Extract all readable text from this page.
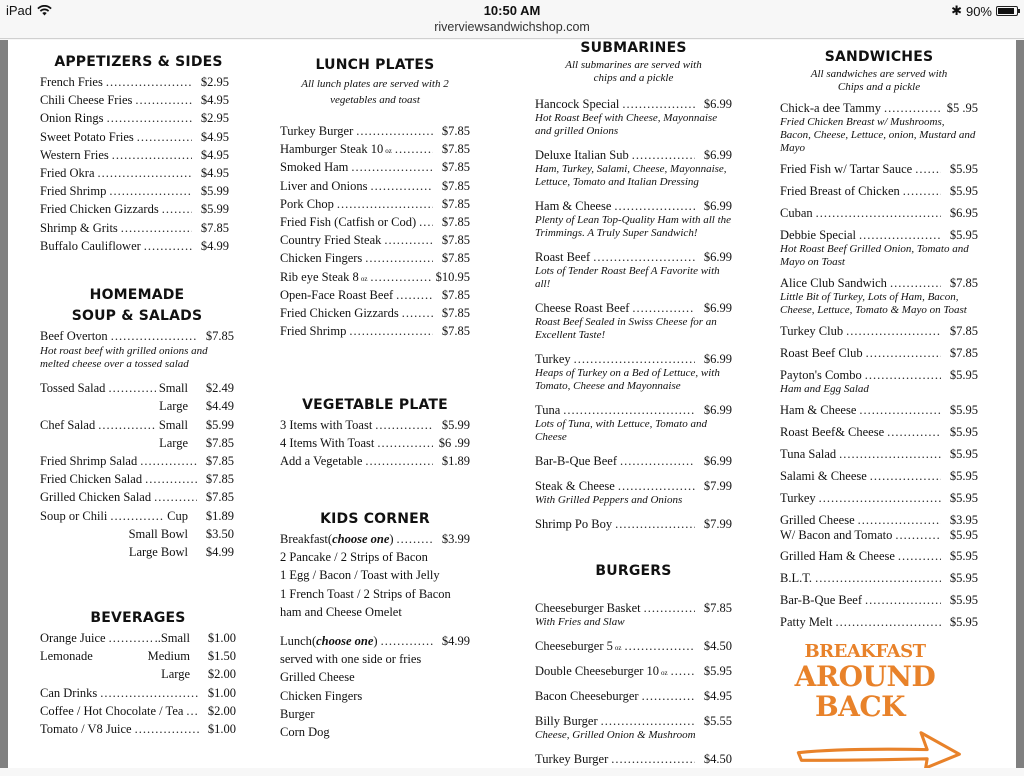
iPad	10:50 AM
riverviewsandwichshop.com
✱ 90%
APPETIZERS & SIDES
French Fries .....	$2.95
Chili Cheese Fries .....	$4.95
Onion Rings .....	$2.95
Sweet Potato Fries .....	$4.95
Western Fries .....	$4.95
Fried Okra .....	$4.95
Fried Shrimp .....	$5.99
Fried Chicken Gizzards .....	$5.99
Shrimp & Grits .....	$7.85
Buffalo Cauliflower .....	$4.99
HOMEMADE
SOUP & SALADS
Beef Overton .....	$7.85
Hot roast beef with grilled onions and melted cheese over a tossed salad
Tossed Salad .....	Small	$2.49
Large	$4.49
Chef Salad .....	Small	$5.99
Large	$7.85
Fried Shrimp Salad .....	$7.85
Fried Chicken Salad .....	$7.85
Grilled Chicken Salad .....	$7.85
Soup or Chili .....	Cup	$1.89
Small Bowl	$3.50
Large Bowl	$4.99
BEVERAGES
Orange Juice .....	..Small	$1.00
Lemonade	Medium	$1.50
Large	$2.00
Can Drinks .....	$1.00
Coffee / Hot Chocolate / Tea .....	$2.00
Tomato / V8 Juice .....	$1.00
LUNCH PLATES
All lunch plates are served with 2 vegetables and toast
Turkey Burger .....	$7.85
Hamburger Steak 10 oz .....	$7.85
Smoked Ham .....	$7.85
Liver and Onions .....	$7.85
Pork Chop .....	$7.85
Fried Fish (Catfish or Cod) .....	$7.85
Country Fried Steak .....	$7.85
Chicken Fingers .....	$7.85
Rib eye Steak 8 oz .....	$10.95
Open-Face Roast Beef .....	$7.85
Fried Chicken Gizzards .....	$7.85
Fried Shrimp .....	$7.85
VEGETABLE PLATE
3 Items with Toast .....	$5.99
4 Items With Toast .....	$6 .99
Add a Vegetable .....	$1.89
KIDS CORNER
Breakfast ( choose one ) .....	$3.99
2 Pancake / 2 Strips of Bacon
1 Egg / Bacon / Toast with Jelly
1 French Toast / 2 Strips of Bacon
ham and Cheese Omelet
Lunch ( choose one ) .....	$4.99
served with one side or fries
Grilled Cheese
Chicken Fingers
Burger
Corn Dog
SUBMARINES
All submarines are served with chips and a pickle
Hancock Special .....	$6.99
Hot Roast Beef with Cheese, Mayonnaise and grilled Onions
Deluxe Italian Sub .....	$6.99
Ham, Turkey, Salami, Cheese, Mayonnaise, Lettuce, Tomato and Italian Dressing
Ham & Cheese .....	$6.99
Plenty of Lean Top-Quality Ham with all the Trimmings. A Truly Super Sandwich!
Roast Beef .....	$6.99
Lots of Tender Roast Beef A Favorite with all!
Cheese Roast Beef .....	$6.99
Roast Beef Sealed in Swiss Cheese for an Excellent Taste!
Turkey .....	$6.99
Heaps of Turkey on a Bed of Lettuce, with Tomato, Cheese and Mayonnaise
Tuna .....	$6.99
Lots of Tuna, with Lettuce, Tomato and Cheese
Bar-B-Que Beef .....	$6.99
Steak & Cheese .....	$7.99
With Grilled Peppers and Onions
Shrimp Po Boy .....	$7.99
BURGERS
Cheeseburger Basket .....	$7.85
With Fries and Slaw
Cheeseburger 5 oz .....	$4.50
Double Cheeseburger 10 oz .....	$5.95
Bacon Cheeseburger .....	$4.95
Billy Burger .....	$5.55
Cheese, Grilled Onion & Mushroom
Turkey Burger .....	$4.50
SANDWICHES
All sandwiches are served with Chips and a pickle
Chick-a dee Tammy .....	$5 .95
Fried Chicken Breast w/ Mushrooms, Bacon, Cheese, Lettuce, onion, Mustard and Mayo
Fried Fish w/ Tartar Sauce .....	$5.95
Fried Breast of Chicken .....	$5.95
Cuban .....	$6.95
Debbie Special .....	$5.95
Hot Roast Beef Grilled Onion, Tomato and Mayo on Toast
Alice Club Sandwich .....	$7.85
Little Bit of Turkey, Lots of Ham, Bacon, Cheese, Lettuce, Tomato & Mayo on Toast
Turkey Club .....	$7.85
Roast Beef Club .....	$7.85
Payton's Combo .....	$5.95
Ham and Egg Salad
Ham & Cheese .....	$5.95
Roast Beef& Cheese .....	$5.95
Tuna Salad .....	$5.95
Salami & Cheese .....	$5.95
Turkey .....	$5.95
Grilled Cheese .....	$3.95
W/ Bacon and Tomato .....	$5.95
Grilled Ham & Cheese .....	$5.95
B.L.T. .....	$5.95
Bar-B-Que Beef .....	$5.95
Patty Melt .....	$5.95
BREAKFAST
AROUND
BACK
